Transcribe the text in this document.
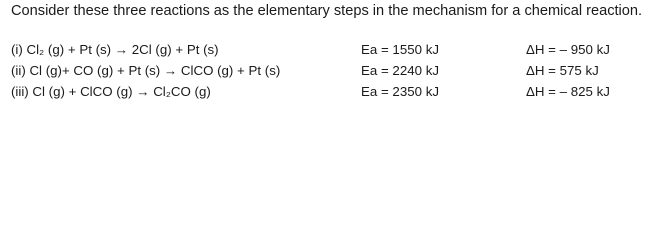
Consider these three reactions as the elementary steps in the mechanism for a chemical reaction.
(i) Cl₂ (g) + Pt (s) → 2Cl (g) + Pt (s)	Ea = 1550 kJ	ΔH = – 950 kJ
(ii) Cl (g)+ CO (g) + Pt (s) → ClCO (g) + Pt (s)	Ea = 2240 kJ	ΔH = 575 kJ
(iii) Cl (g) + ClCO (g) → Cl₂CO (g)	Ea = 2350 kJ	ΔH = – 825 kJ
